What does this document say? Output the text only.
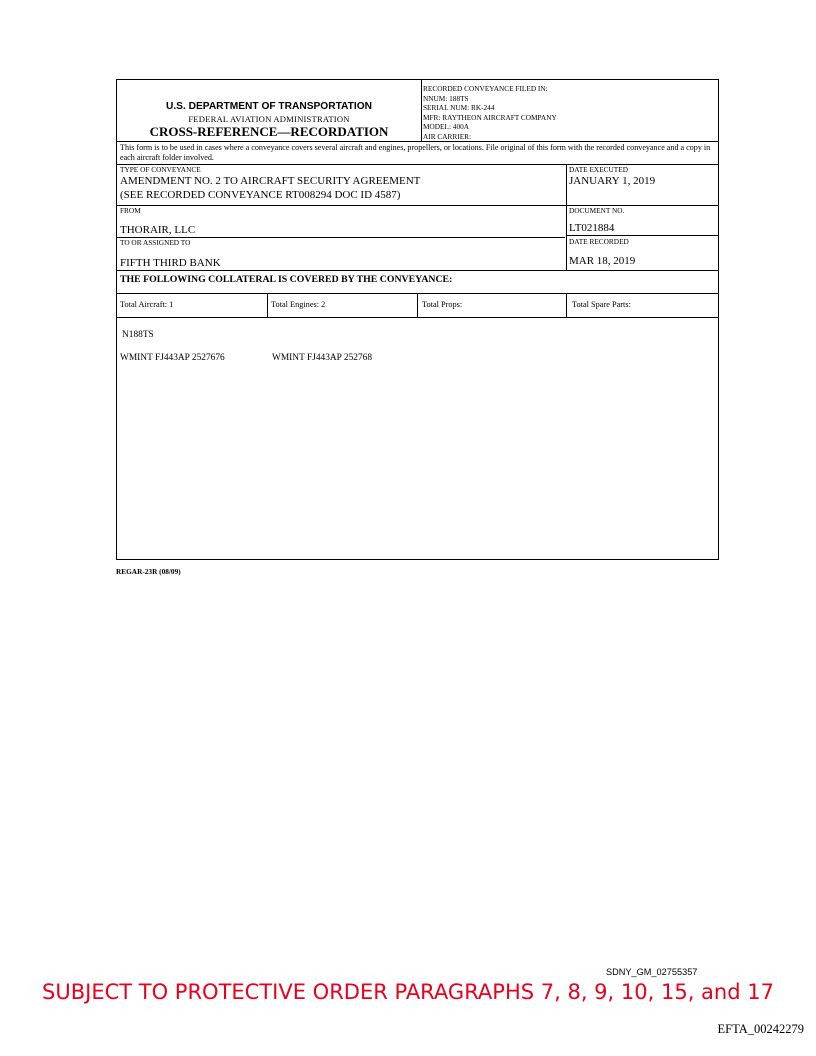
U.S. DEPARTMENT OF TRANSPORTATION
FEDERAL AVIATION ADMINISTRATION
CROSS-REFERENCE—RECORDATION
RECORDED CONVEYANCE FILED IN:
NNUM: 188TS
SERIAL NUM: RK-244
MFR: RAYTHEON AIRCRAFT COMPANY
MODEL: 400A
AIR CARRIER:
This form is to be used in cases where a conveyance covers several aircraft and engines, propellers, or locations. File original of this form with the recorded conveyance and a copy in each aircraft folder involved.
TYPE OF CONVEYANCE
AMENDMENT NO. 2 TO AIRCRAFT SECURITY AGREEMENT
(SEE RECORDED CONVEYANCE RT008294 DOC ID 4587)
DATE EXECUTED
JANUARY 1, 2019
FROM
THORAIR, LLC
DOCUMENT NO.
LT021884
TO OR ASSIGNED TO
FIFTH THIRD BANK
DATE RECORDED
MAR 18, 2019
THE FOLLOWING COLLATERAL IS COVERED BY THE CONVEYANCE:
Total Aircraft: 1	Total Engines: 2	Total Props:	Total Spare Parts:
N188TS
WMINT FJ443AP 2527676	WMINT FJ443AP 252768
REGAR-23R (08/09)
SDNY_GM_02755357
SUBJECT TO PROTECTIVE ORDER PARAGRAPHS 7, 8, 9, 10, 15, and 17
EFTA_00242279
